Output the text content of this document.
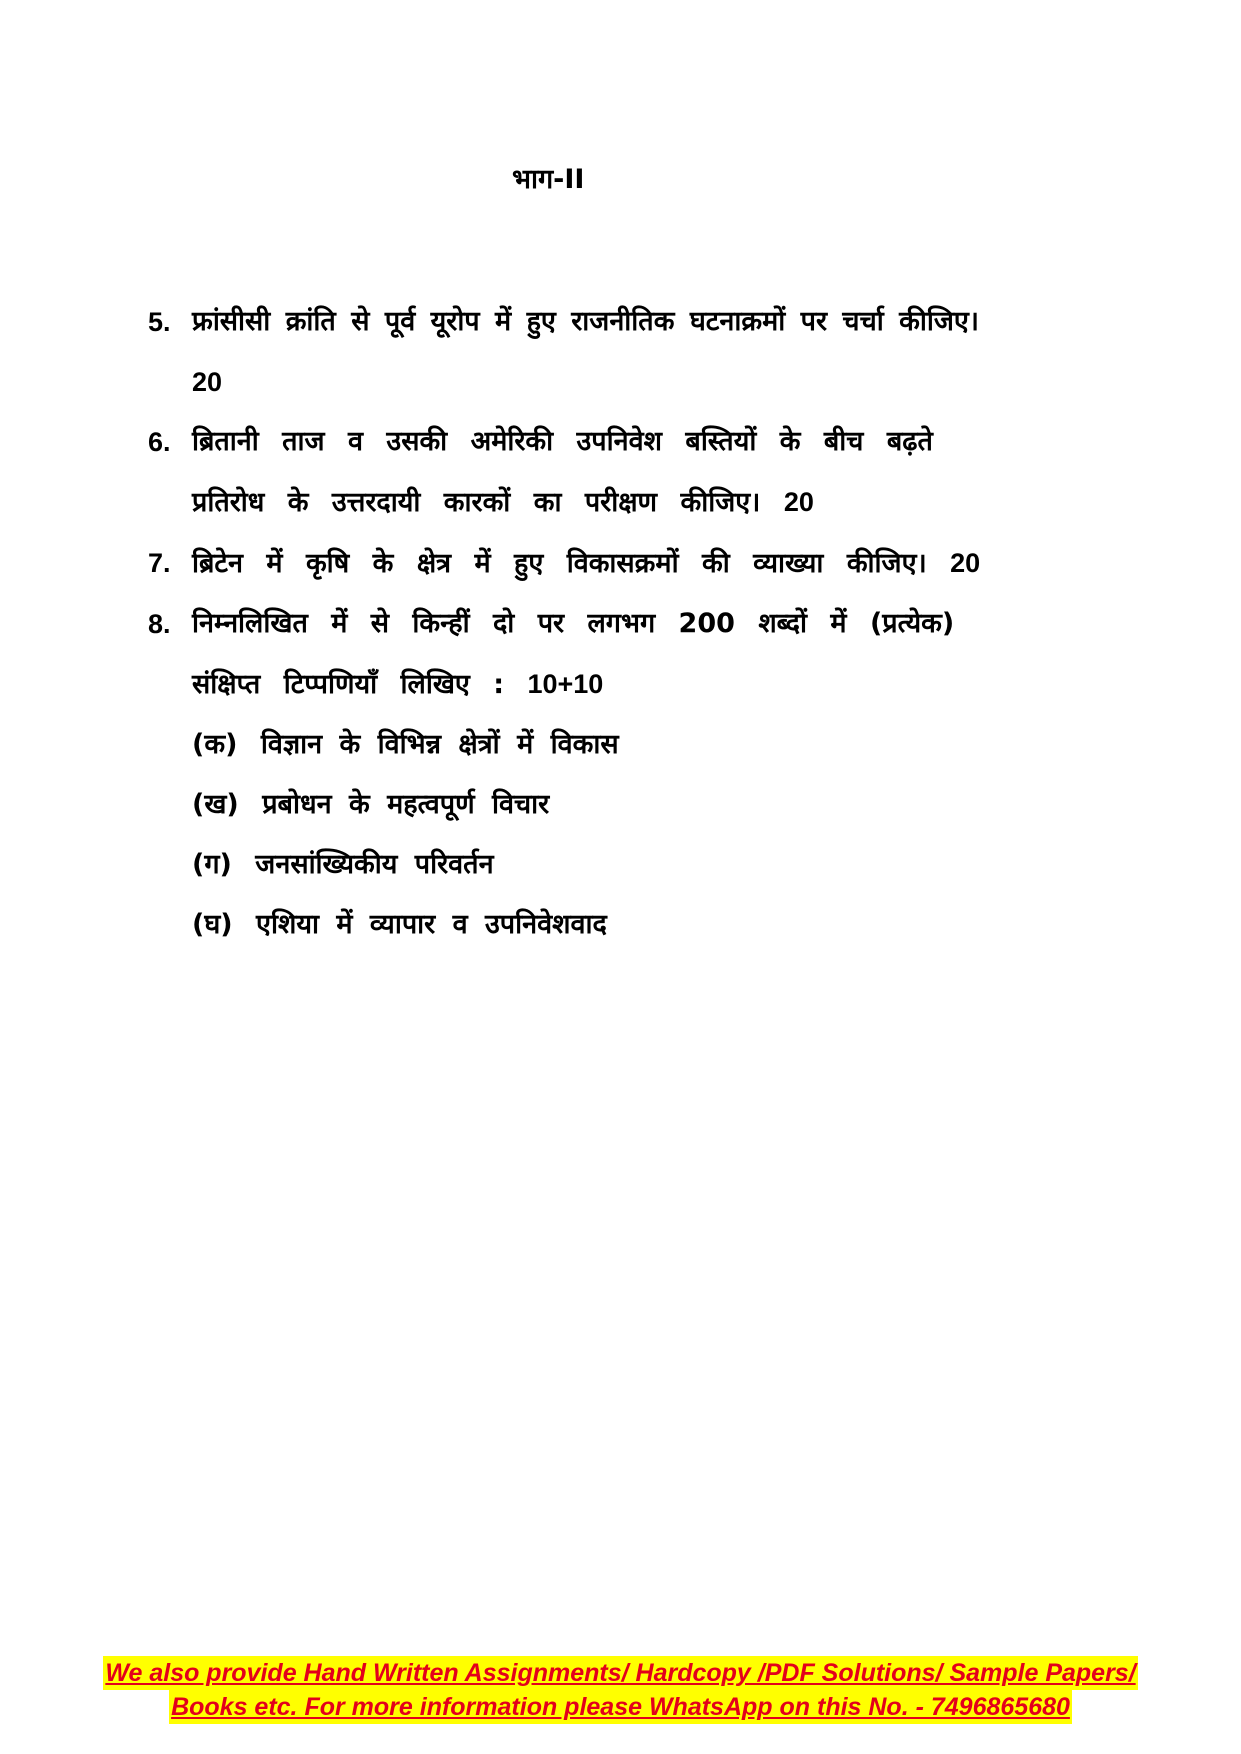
भाग-II
5. फ्रांसीसी क्रांति से पूर्व यूरोप में हुए राजनीतिक घटनाक्रमों पर चर्चा कीजिए।
20
6. ब्रितानी ताज व उसकी अमेरिकी उपनिवेश बस्तियों के बीच बढ़ते
प्रतिरोध के उत्तरदायी कारकों का परीक्षण कीजिए। 20
7. ब्रिटेन में कृषि के क्षेत्र में हुए विकासक्रमों की व्याख्या कीजिए। 20
8. निम्नलिखित में से किन्हीं दो पर लगभग 200 शब्दों में (प्रत्येक)
संक्षिप्त टिप्पणियाँ लिखिए : 10+10
(क) विज्ञान के विभिन्न क्षेत्रों में विकास
(ख) प्रबोधन के महत्वपूर्ण विचार
(ग) जनसांख्यिकीय परिवर्तन
(घ) एशिया में व्यापार व उपनिवेशवाद
We also provide Hand Written Assignments/ Hardcopy /PDF Solutions/ Sample Papers/
Books etc. For more information please WhatsApp on this No. - 7496865680
